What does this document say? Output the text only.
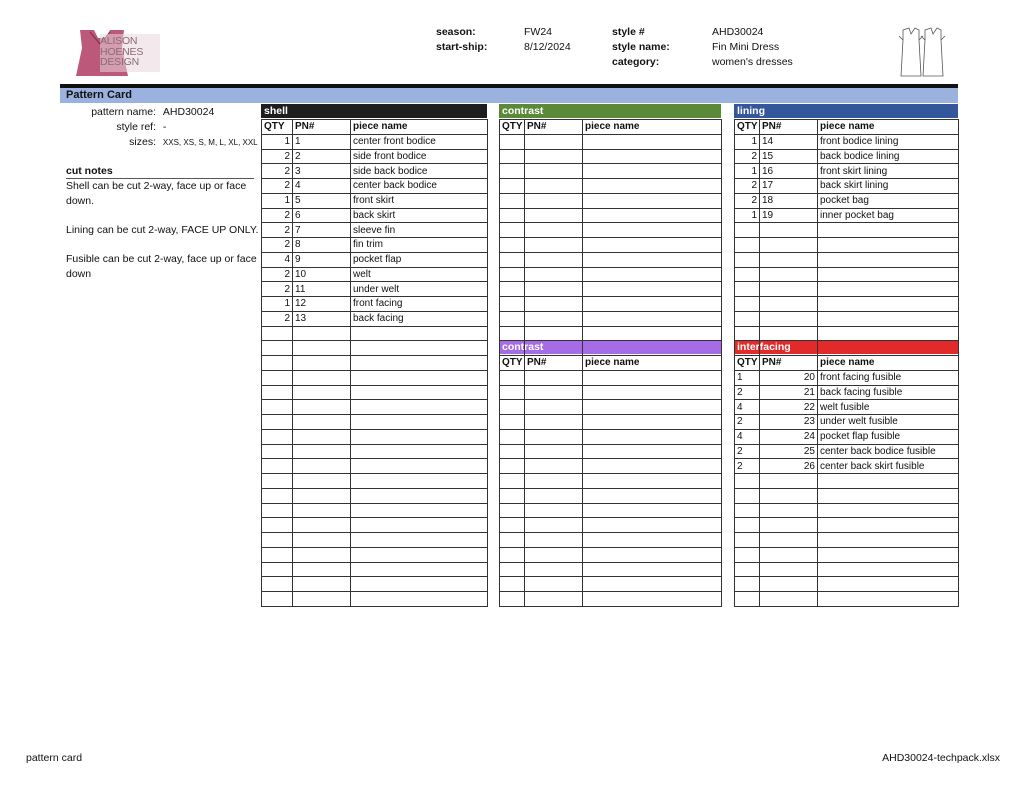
ALISON
HOENES
DESIGN
season:	FW24
start-ship:	8/12/2024
style #	AHD30024
style name:	Fin Mini Dress
category:	women's dresses
Pattern Card
pattern name: AHD30024
style ref: -
sizes: XXS, XS, S, M, L, XL, XXL
cut notes
Shell can be cut 2-way, face up or face down.
Lining can be cut 2-way, FACE UP ONLY.
Fusible can be cut 2-way, face up or face down
shell	contrast	lining
contrast	interfacing
QTY	PN#	piece name
1	1	center front bodice
2	2	side front bodice
2	3	side back bodice
2	4	center back bodice
1	5	front skirt
2	6	back skirt
2	7	sleeve fin
2	8	fin trim
4	9	pocket flap
2	10	welt
2	11	under welt
1	12	front facing
2	13	back facing

QTY	PN#	piece name

			QTY	PN#	piece name
1	14	front bodice lining
2	15	back bodice lining
1	16	front skirt lining
2	17	back skirt lining
2	18	pocket bag
1	19	inner pocket bag

QTY	PN#	piece name

			QTY	PN#	piece name
1	20	front facing fusible
2	21	back facing fusible
4	22	welt fusible
2	23	under welt fusible
4	24	pocket flap fusible
2	25	center back bodice fusible
2	26	center back skirt fusible

pattern card	AHD30024-techpack.xlsx
